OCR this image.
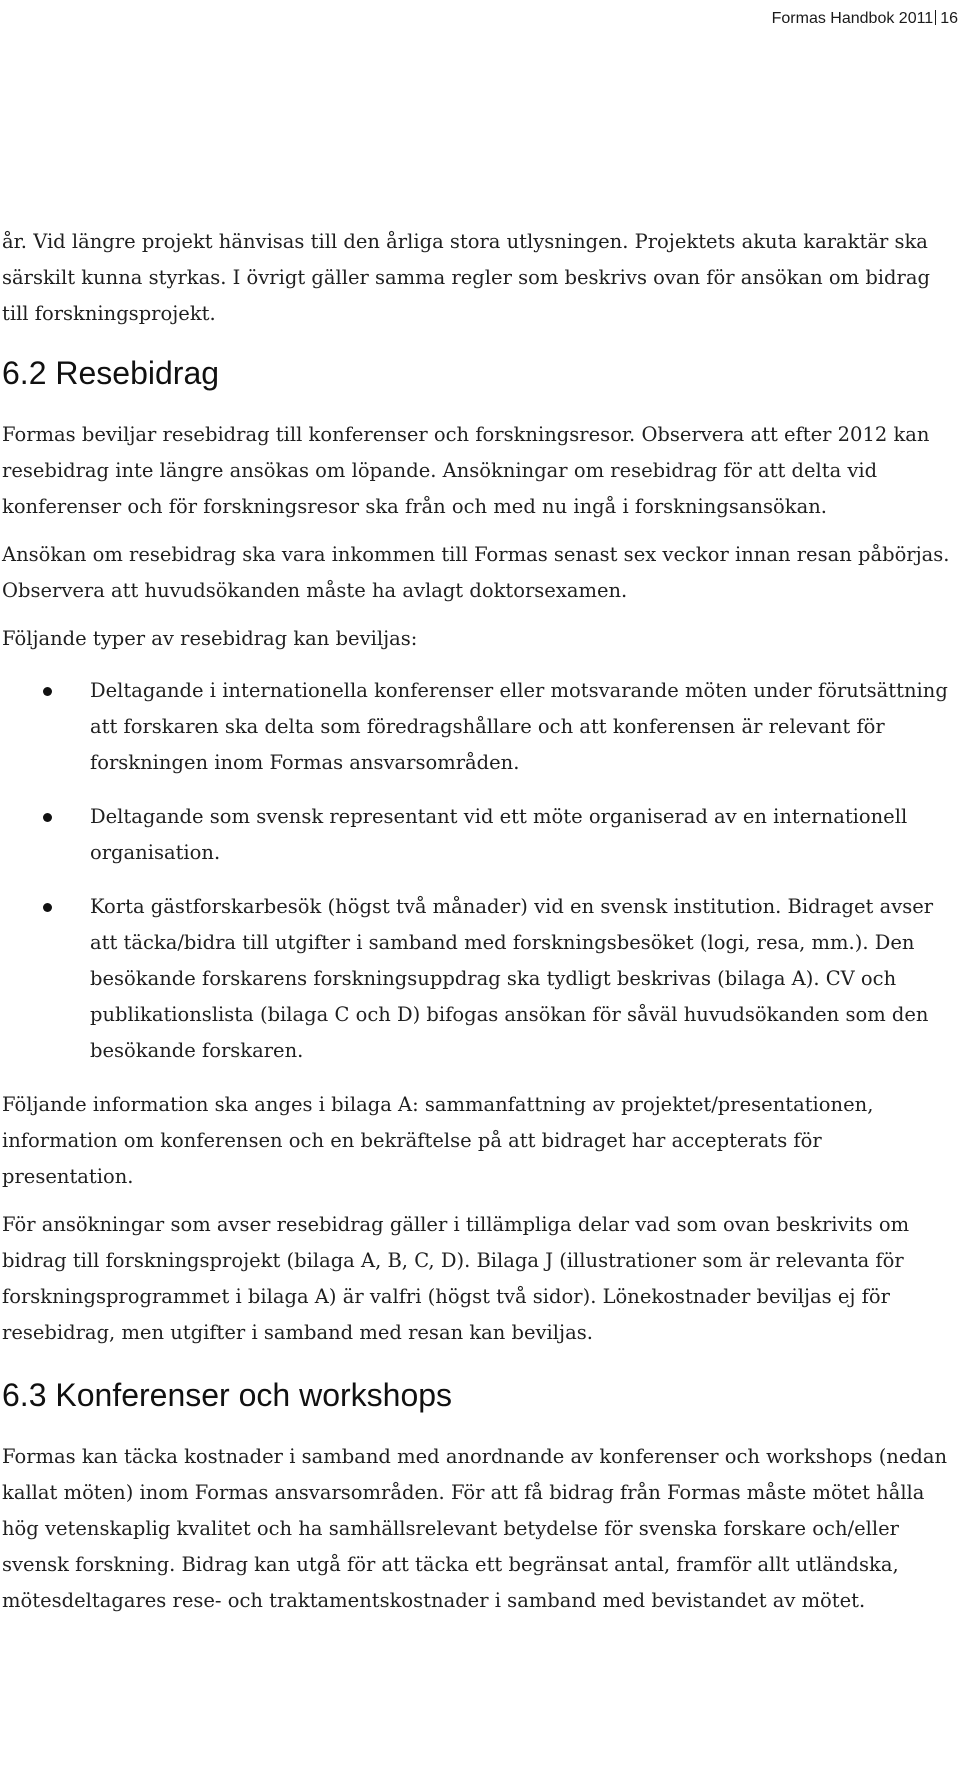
Formas Handbok 2011 16

år. Vid längre projekt hänvisas till den årliga stora utlysningen. Projektets akuta karaktär ska särskilt kunna styrkas. I övrigt gäller samma regler som beskrivs ovan för ansökan om bidrag till forskningsprojekt.

6.2 Resebidrag

Formas beviljar resebidrag till konferenser och forskningsresor. Observera att efter 2012 kan resebidrag inte längre ansökas om löpande. Ansökningar om resebidrag för att delta vid konferenser och för forskningsresor ska från och med nu ingå i forskningsansökan.

Ansökan om resebidrag ska vara inkommen till Formas senast sex veckor innan resan påbörjas. Observera att huvudsökanden måste ha avlagt doktorsexamen.

Följande typer av resebidrag kan beviljas:

Deltagande i internationella konferenser eller motsvarande möten under förutsättning att forskaren ska delta som föredragshållare och att konferensen är relevant för forskningen inom Formas ansvarsområden.
Deltagande som svensk representant vid ett möte organiserad av en internationell organisation.
Korta gästforskarbesök (högst två månader) vid en svensk institution. Bidraget avser att täcka/bidra till utgifter i samband med forskningsbesöket (logi, resa, mm.). Den besökande forskarens forskningsuppdrag ska tydligt beskrivas (bilaga A). CV och publikationslista (bilaga C och D) bifogas ansökan för såväl huvudsökanden som den besökande forskaren.

Följande information ska anges i bilaga A: sammanfattning av projektet/presentationen, information om konferensen och en bekräftelse på att bidraget har accepterats för presentation.

För ansökningar som avser resebidrag gäller i tillämpliga delar vad som ovan beskrivits om bidrag till forskningsprojekt (bilaga A, B, C, D). Bilaga J (illustrationer som är relevanta för forskningsprogrammet i bilaga A) är valfri (högst två sidor). Lönekostnader beviljas ej för resebidrag, men utgifter i samband med resan kan beviljas.

6.3 Konferenser och workshops

Formas kan täcka kostnader i samband med anordnande av konferenser och workshops (nedan kallat möten) inom Formas ansvarsområden. För att få bidrag från Formas måste mötet hålla hög vetenskaplig kvalitet och ha samhällsrelevant betydelse för svenska forskare och/eller svensk forskning. Bidrag kan utgå för att täcka ett begränsat antal, framför allt utländska, mötesdeltagares rese- och traktamentskostnader i samband med bevistandet av mötet.
